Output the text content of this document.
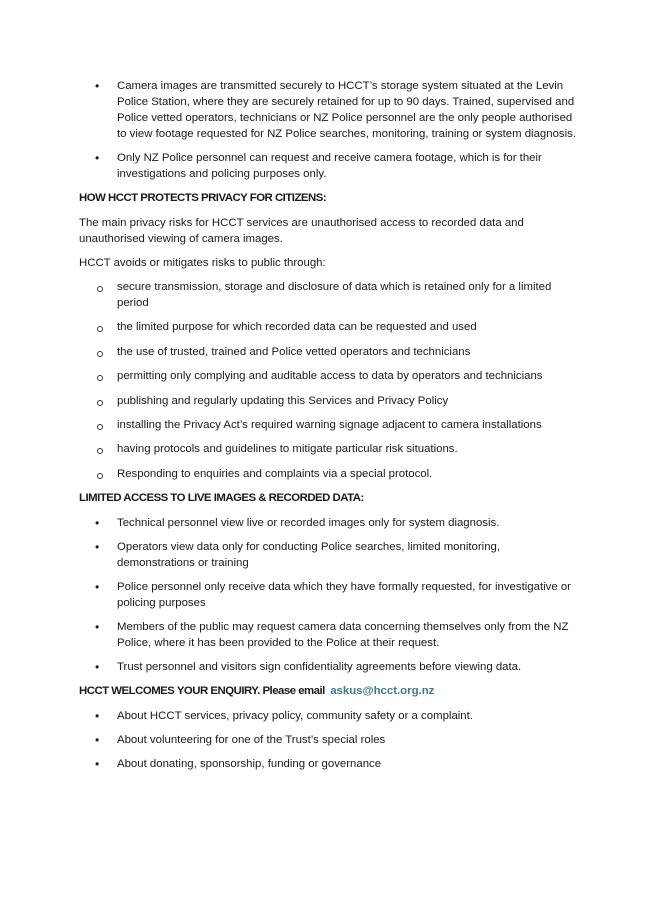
•	Camera images are transmitted securely to HCCT’s storage system situated at the Levin Police Station, where they are securely retained for up to 90 days. Trained, supervised and Police vetted operators, technicians or NZ Police personnel are the only people authorised to view footage requested for NZ Police searches, monitoring, training or system diagnosis.
•	Only NZ Police personnel can request and receive camera footage, which is for their investigations and policing purposes only.
HOW HCCT PROTECTS PRIVACY FOR CITIZENS:

The main privacy risks for HCCT services are unauthorised access to recorded data and unauthorised viewing of camera images.

HCCT avoids or mitigates risks to public through:

secure transmission, storage and disclosure of data which is retained only for a limited period
the limited purpose for which recorded data can be requested and used
the use of trusted, trained and Police vetted operators and technicians
permitting only complying and auditable access to data by operators and technicians
publishing and regularly updating this Services and Privacy Policy
installing the Privacy Act’s required warning signage adjacent to camera installations
having protocols and guidelines to mitigate particular risk situations.
Responding to enquiries and complaints via a special protocol.
LIMITED ACCESS TO LIVE IMAGES & RECORDED DATA:
•	Technical personnel view live or recorded images only for system diagnosis.
•	Operators view data only for conducting Police searches, limited monitoring, demonstrations or training
•	Police personnel only receive data which they have formally requested, for investigative or policing purposes
•	Members of the public may request camera data concerning themselves only from the NZ Police, where it has been provided to the Police at their request.
•	Trust personnel and visitors sign confidentiality agreements before viewing data.
HCCT WELCOMES YOUR ENQUIRY. Please email askus@hcct.org.nz
•	About HCCT services, privacy policy, community safety or a complaint.
•	About volunteering for one of the Trust’s special roles
•	About donating, sponsorship, funding or governance
